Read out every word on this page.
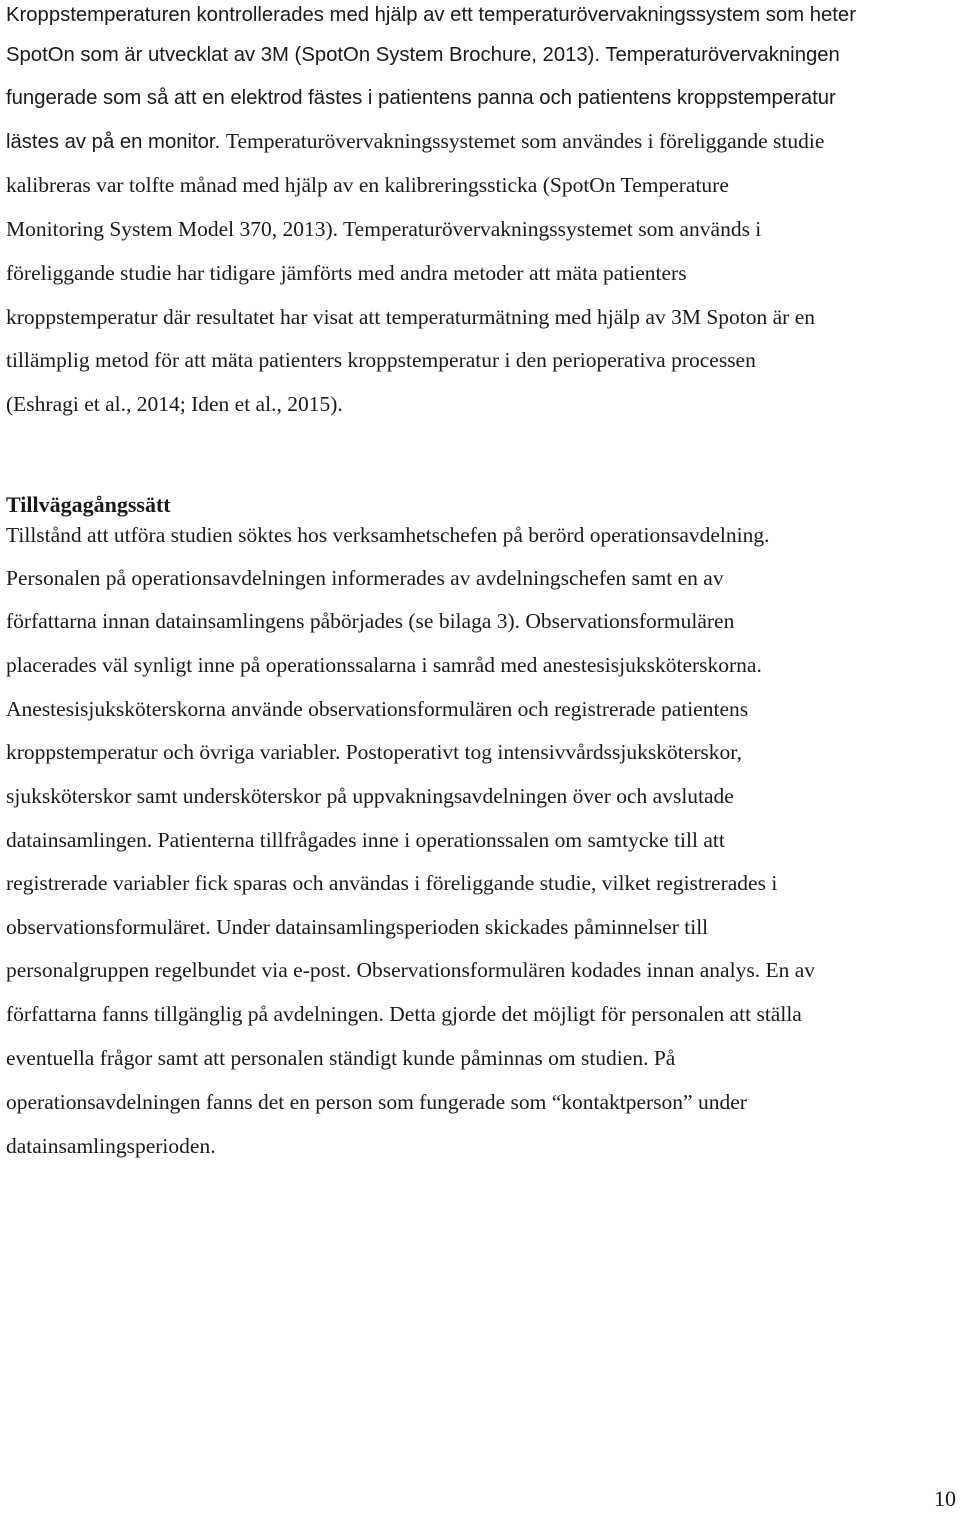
Kroppstemperaturen kontrollerades med hjälp av ett temperaturövervakningssystem som heter
SpotOn som är utvecklat av 3M (SpotOn System Brochure, 2013). Temperaturövervakningen
fungerade som så att en elektrod fästes i patientens panna och patientens kroppstemperatur
lästes av på en monitor. Temperaturövervakningssystemet som användes i föreliggande studie
kalibreras var tolfte månad med hjälp av en kalibreringssticka (SpotOn Temperature
Monitoring System Model 370, 2013). Temperaturövervakningssystemet som används i
föreliggande studie har tidigare jämförts med andra metoder att mäta patienters
kroppstemperatur där resultatet har visat att temperaturmätning med hjälp av 3M Spoton är en
tillämplig metod för att mäta patienters kroppstemperatur i den perioperativa processen
(Eshragi et al., 2014; Iden et al., 2015).
Tillvägagångssätt
Tillstånd att utföra studien söktes hos verksamhetschefen på berörd operationsavdelning.
Personalen på operationsavdelningen informerades av avdelningschefen samt en av
författarna innan datainsamlingens påbörjades (se bilaga 3). Observationsformulären
placerades väl synligt inne på operationssalarna i samråd med anestesisjuksköterskorna.
Anestesisjuksköterskorna använde observationsformulären och registrerade patientens
kroppstemperatur och övriga variabler. Postoperativt tog intensivvårdssjuksköterskor,
sjuksköterskor samt undersköterskor på uppvakningsavdelningen över och avslutade
datainsamlingen. Patienterna tillfrågades inne i operationssalen om samtycke till att
registrerade variabler fick sparas och användas i föreliggande studie, vilket registrerades i
observationsformuläret. Under datainsamlingsperioden skickades påminnelser till
personalgruppen regelbundet via e-post. Observationsformulären kodades innan analys. En av
författarna fanns tillgänglig på avdelningen. Detta gjorde det möjligt för personalen att ställa
eventuella frågor samt att personalen ständigt kunde påminnas om studien. På
operationsavdelningen fanns det en person som fungerade som “kontaktperson” under
datainsamlingsperioden.
10
